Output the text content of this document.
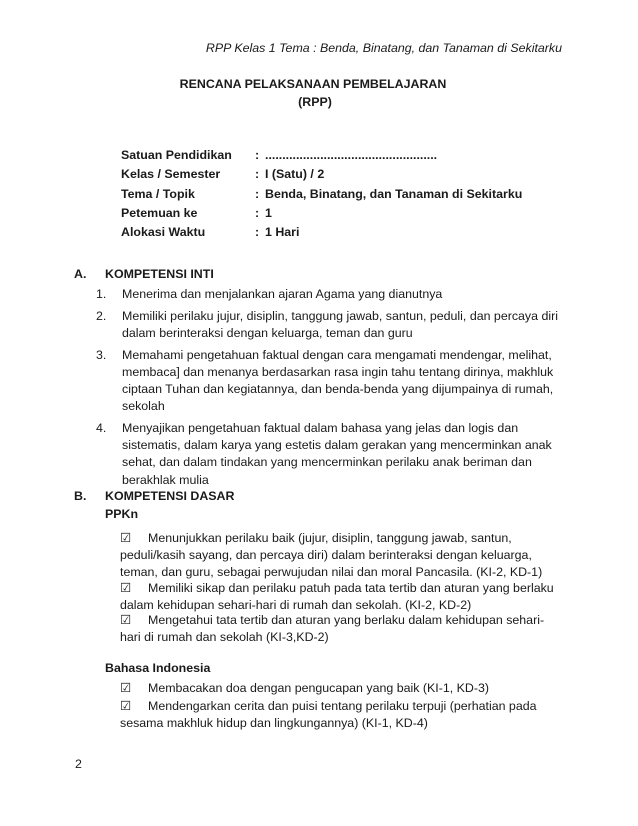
RPP Kelas 1 Tema : Benda, Binatang, dan Tanaman di Sekitarku
RENCANA PELAKSANAAN PEMBELAJARAN
(RPP)
Satuan Pendidikan	: ..................................................
Kelas / Semester	: I (Satu) / 2
Tema / Topik	: Benda, Binatang, dan Tanaman di Sekitarku
Petemuan ke	: 1
Alokasi Waktu	: 1 Hari
A. KOMPETENSI INTI
1.	Menerima dan menjalankan ajaran Agama yang dianutnya
2.	Memiliki perilaku jujur, disiplin, tanggung jawab, santun, peduli, dan percaya diri
dalam berinteraksi dengan keluarga, teman dan guru
3.	Memahami pengetahuan faktual dengan cara mengamati mendengar, melihat,
membaca] dan menanya berdasarkan rasa ingin tahu tentang dirinya, makhluk
ciptaan Tuhan dan kegiatannya, dan benda-benda yang dijumpainya di rumah,
sekolah
4.	Menyajikan pengetahuan faktual dalam bahasa yang jelas dan logis dan
sistematis, dalam karya yang estetis dalam gerakan yang mencerminkan anak
sehat, dan dalam tindakan yang mencerminkan perilaku anak beriman dan
berakhlak mulia
B. KOMPETENSI DASAR
PPKn
☑ Menunjukkan perilaku baik (jujur, disiplin, tanggung jawab, santun,
peduli/kasih sayang, dan percaya diri) dalam berinteraksi dengan keluarga,
teman, dan guru, sebagai perwujudan nilai dan moral Pancasila. (KI-2, KD-1)
☑ Memiliki sikap dan perilaku patuh pada tata tertib dan aturan yang berlaku
dalam kehidupan sehari-hari di rumah dan sekolah. (KI-2, KD-2)
☑ Mengetahui tata tertib dan aturan yang berlaku dalam kehidupan sehari-
hari di rumah dan sekolah (KI-3,KD-2)
Bahasa Indonesia
☑ Membacakan doa dengan pengucapan yang baik (KI-1, KD-3)
☑ Mendengarkan cerita dan puisi tentang perilaku terpuji (perhatian pada
sesama makhluk hidup dan lingkungannya) (KI-1, KD-4)
2
